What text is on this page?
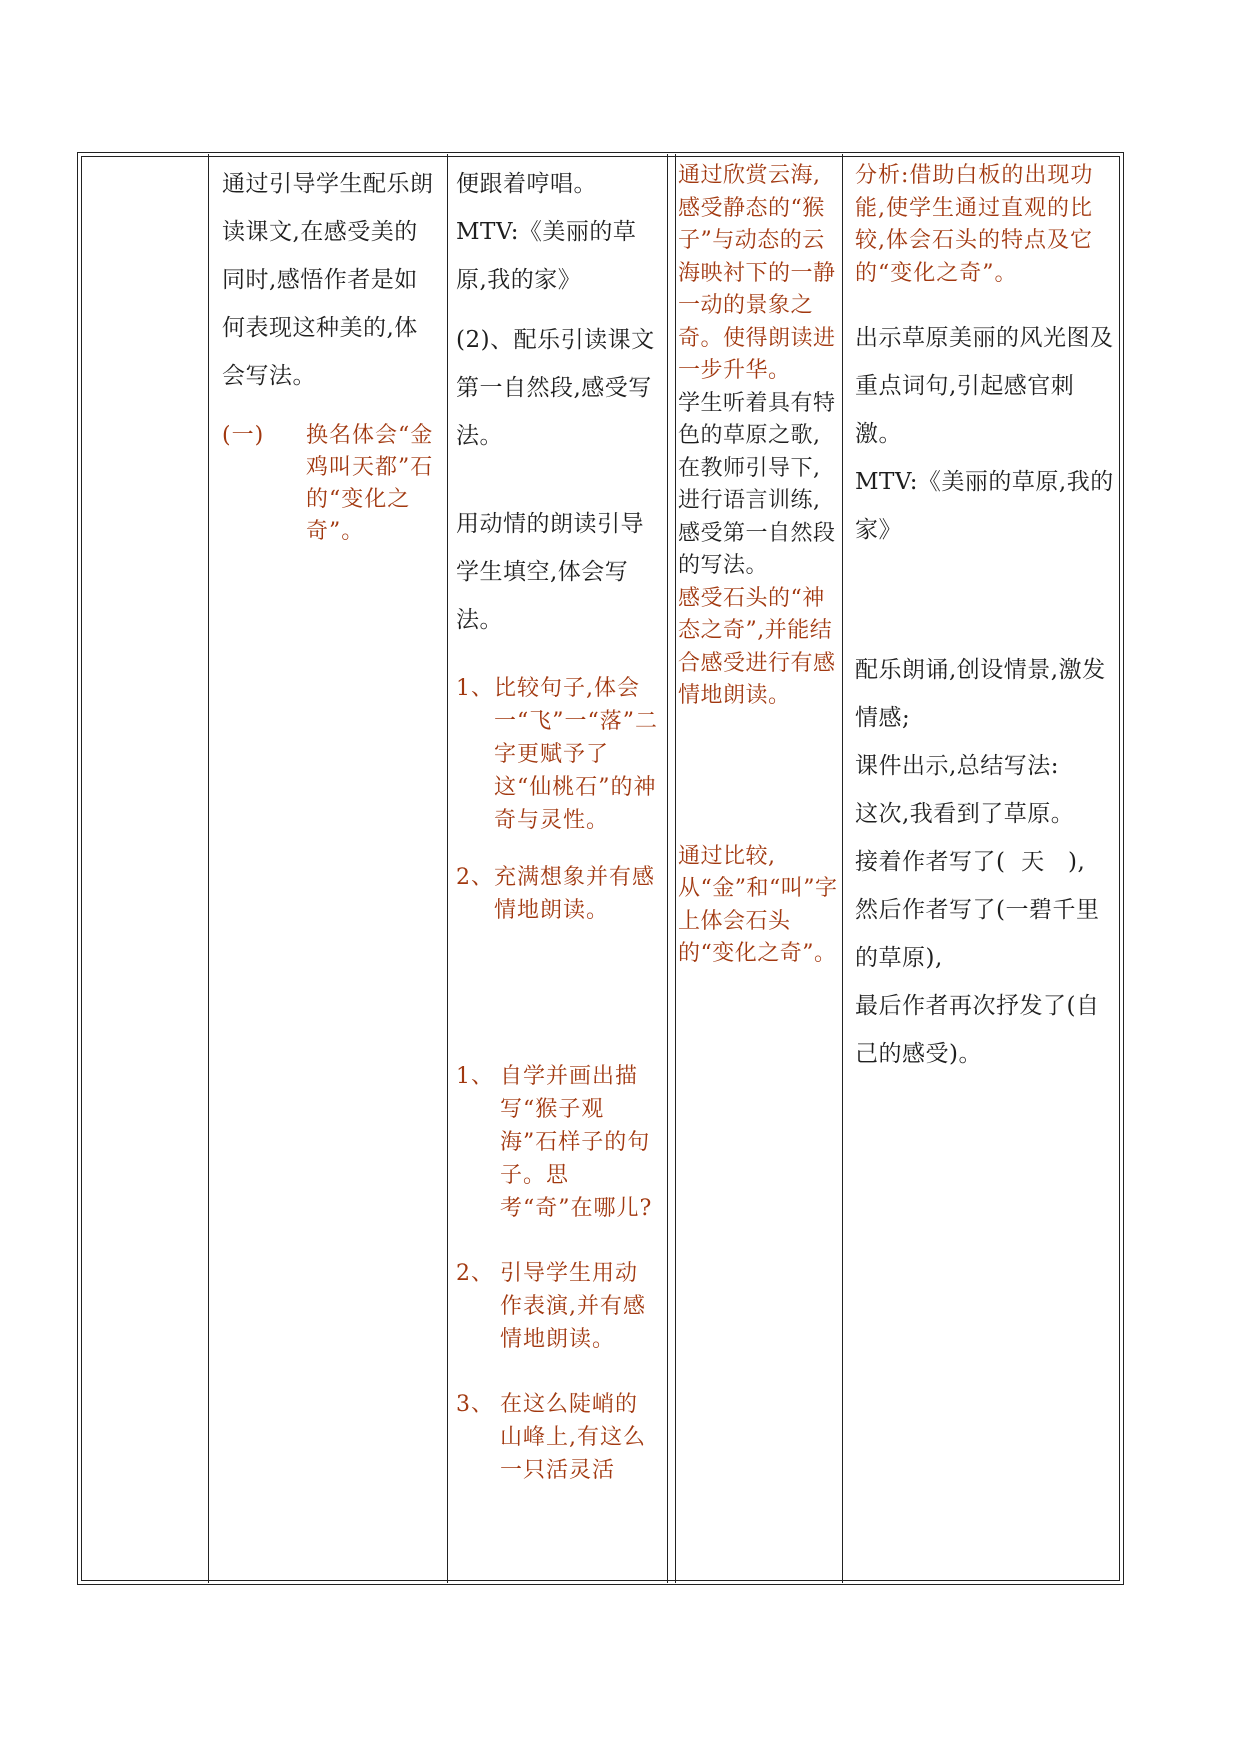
通过引导学生配乐朗读课文,在感受美的同时,感悟作者是如何表现这种美的,体会写法。

(一)	换名体会“金鸡叫天都”石的“变化之奇”。

便跟着哼唱。

MTV:《美丽的草原,我的家》

(2)、配乐引读课文第一自然段,感受写法。

用动情的朗读引导学生填空,体会写法。

1、 比较句子,体会一“飞”一“落”二字更赋予了这“仙桃石”的神奇与灵性。
2、 充满想象并有感情地朗读。
1、 自学并画出描写“猴子观海”石样子的句子。思考“奇”在哪儿?
2、 引导学生用动作表演,并有感情地朗读。
3、 在这么陡峭的山峰上,有这么一只活灵活

通过欣赏云海,感受静态的“猴子”与动态的云海映衬下的一静一动的景象之奇。使得朗读进一步升华。

学生听着具有特色的草原之歌,在教师引导下,进行语言训练,感受第一自然段的写法。

感受石头的“神态之奇”,并能结合感受进行有感情地朗读。

通过比较,从“金”和“叫”字上体会石头的“变化之奇”。

分析:借助白板的出现功能,使学生通过直观的比较,体会石头的特点及它的“变化之奇”。

出示草原美丽的风光图及重点词句,引起感官刺激。

MTV:《美丽的草原,我的家》

配乐朗诵,创设情景,激发情感;

课件出示,总结写法:

这次,我看到了草原。

接着作者写了(  天   ),

然后作者写了(一碧千里的草原),

最后作者再次抒发了(自己的感受)。
